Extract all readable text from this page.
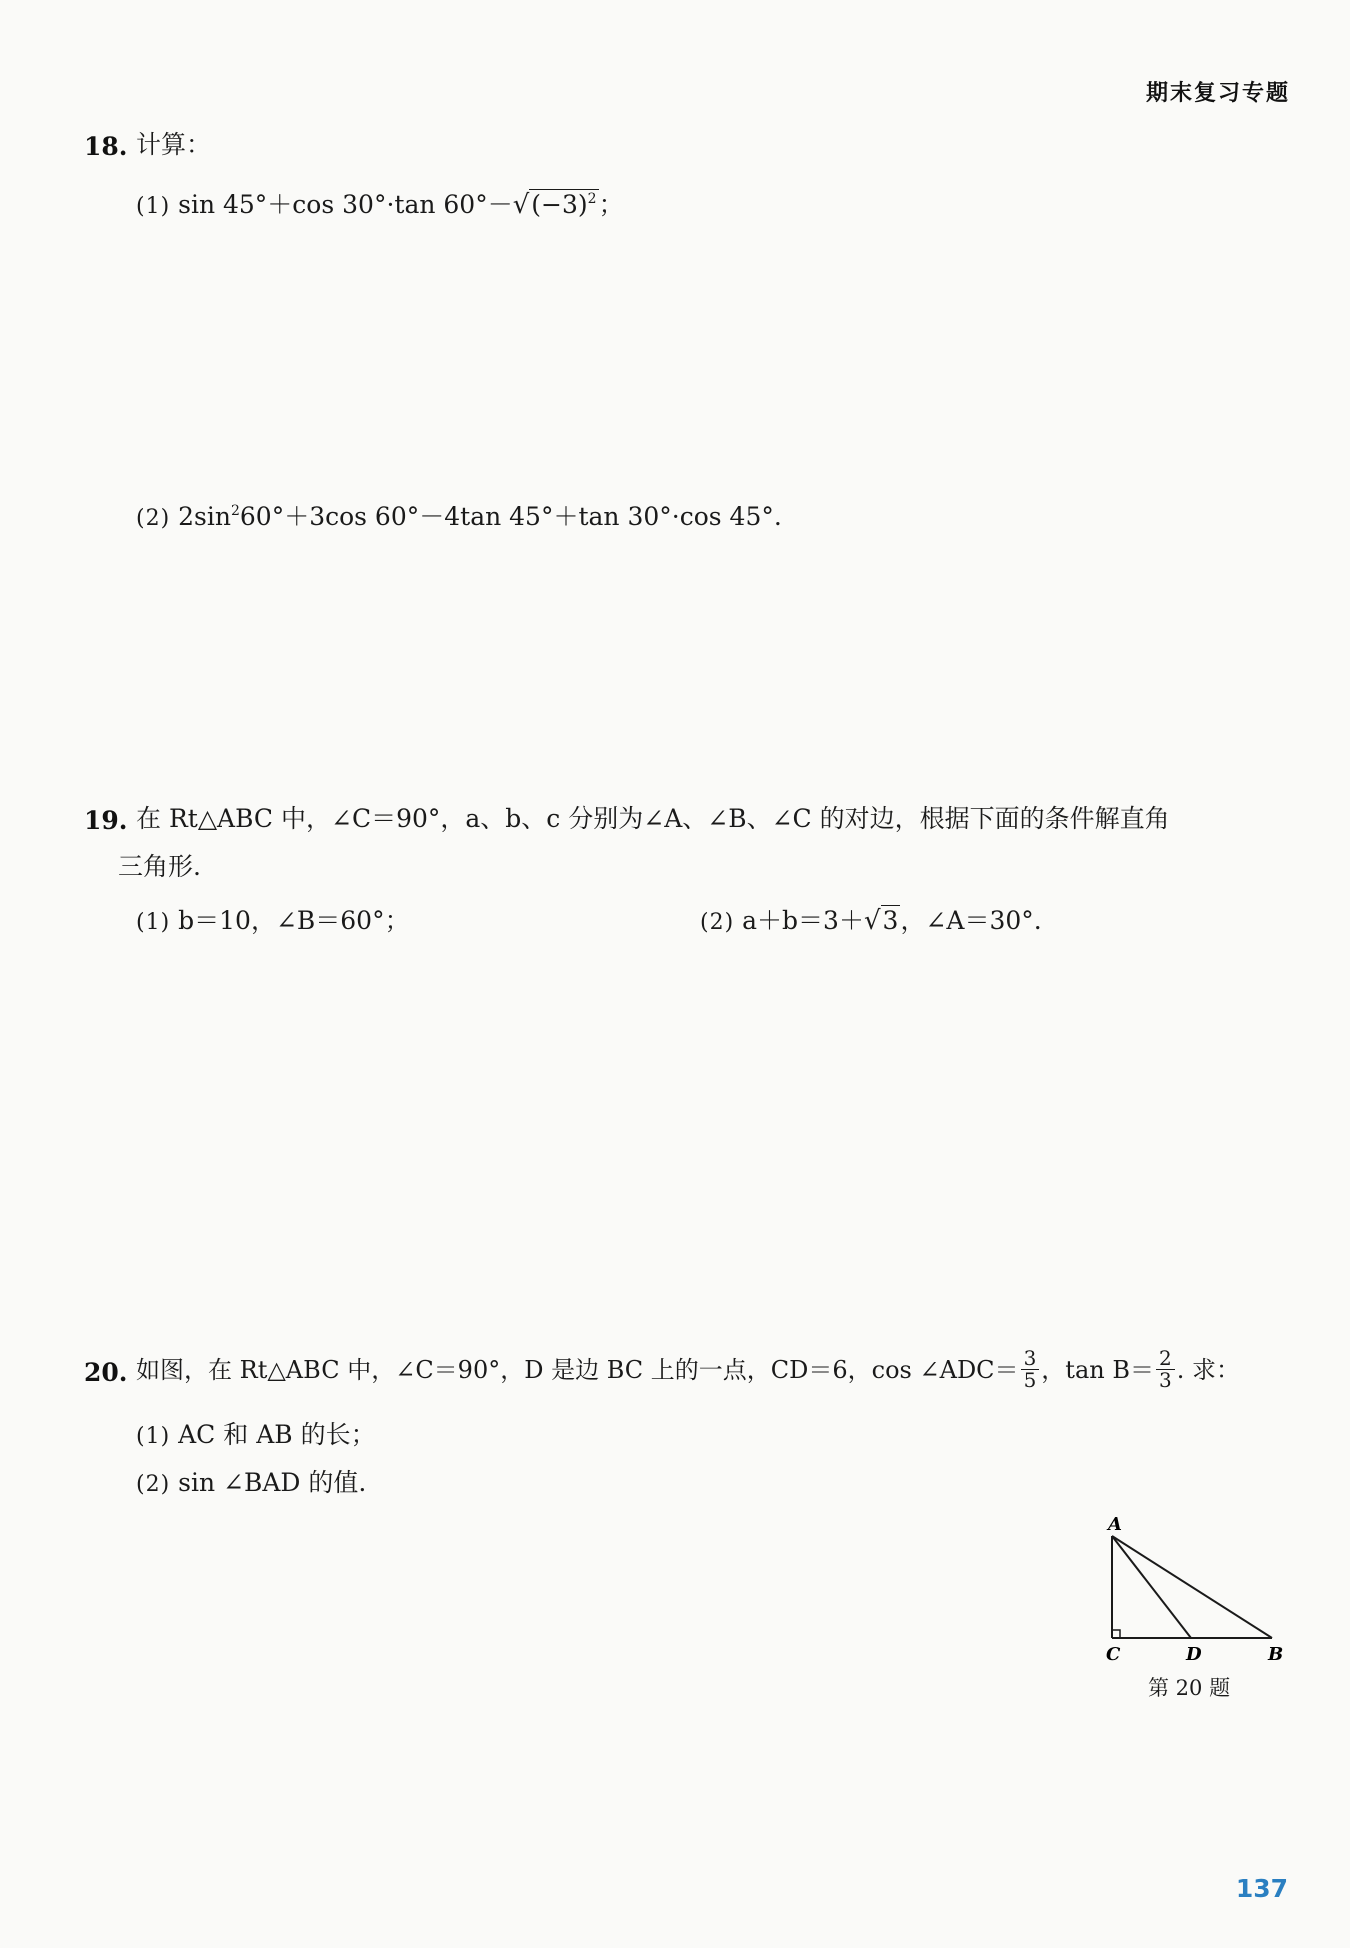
期末复习专题
18. 计算：
(1) sin 45°＋cos 30°·tan $60^\circ-√(-3)^2$；
(2) $2\sin^260^\circ+3\cos$ 60°－4tan 45°＋tan 30°·cos 45°.
19. 在 Rt△ABC 中，∠C＝90°，a、b、c 分别为∠A、∠B、∠C 的对边，根据下面的条件解直角
三角形.
(1) b＝10，∠B＝60°；	(2) a＋b＝3＋√3，∠A＝30°.
20. 如图，在 Rt△ABC 中，∠C＝90°，D 是边 BC 上的一点，CD＝6，cos ∠ADC＝ $\frac{3}{5}$ ，$\tan B= \frac{2}{3}$ . 求：
(1) AC 和 AB 的长；
(2) sin ∠BAD 的值.
A
C	D	B
第 20 题
137
